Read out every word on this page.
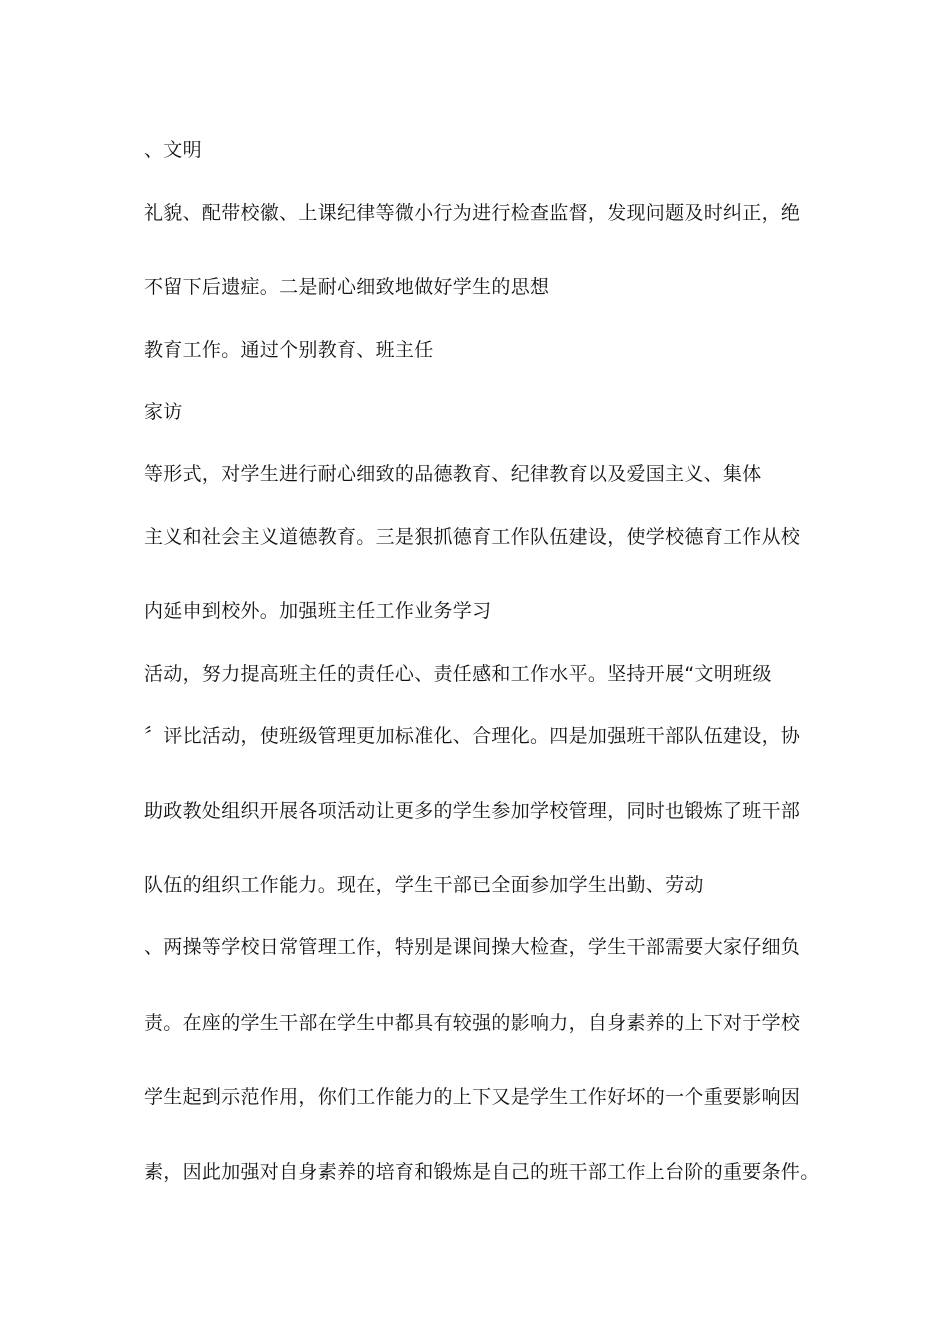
、文明
礼貌、配带校徽、上课纪律等微小行为进行检查监督，发现问题及时纠正，绝
不留下后遗症。二是耐心细致地做好学生的思想
教育工作。通过个别教育、班主任
家访
等形式，对学生进行耐心细致的品德教育、纪律教育以及爱国主义、集体
主义和社会主义道德教育。三是狠抓德育工作队伍建设，使学校德育工作从校
内延申到校外。加强班主任工作业务学习
活动，努力提高班主任的责任心、责任感和工作水平。坚持开展“文明班级
〞评比活动，使班级管理更加标准化、合理化。四是加强班干部队伍建设，协
助政教处组织开展各项活动让更多的学生参加学校管理，同时也锻炼了班干部
队伍的组织工作能力。现在，学生干部已全面参加学生出勤、劳动
、两操等学校日常管理工作，特别是课间操大检查，学生干部需要大家仔细负
责。在座的学生干部在学生中都具有较强的影响力，自身素养的上下对于学校
学生起到示范作用，你们工作能力的上下又是学生工作好坏的一个重要影响因
素，因此加强对自身素养的培育和锻炼是自己的班干部工作上台阶的重要条件。
